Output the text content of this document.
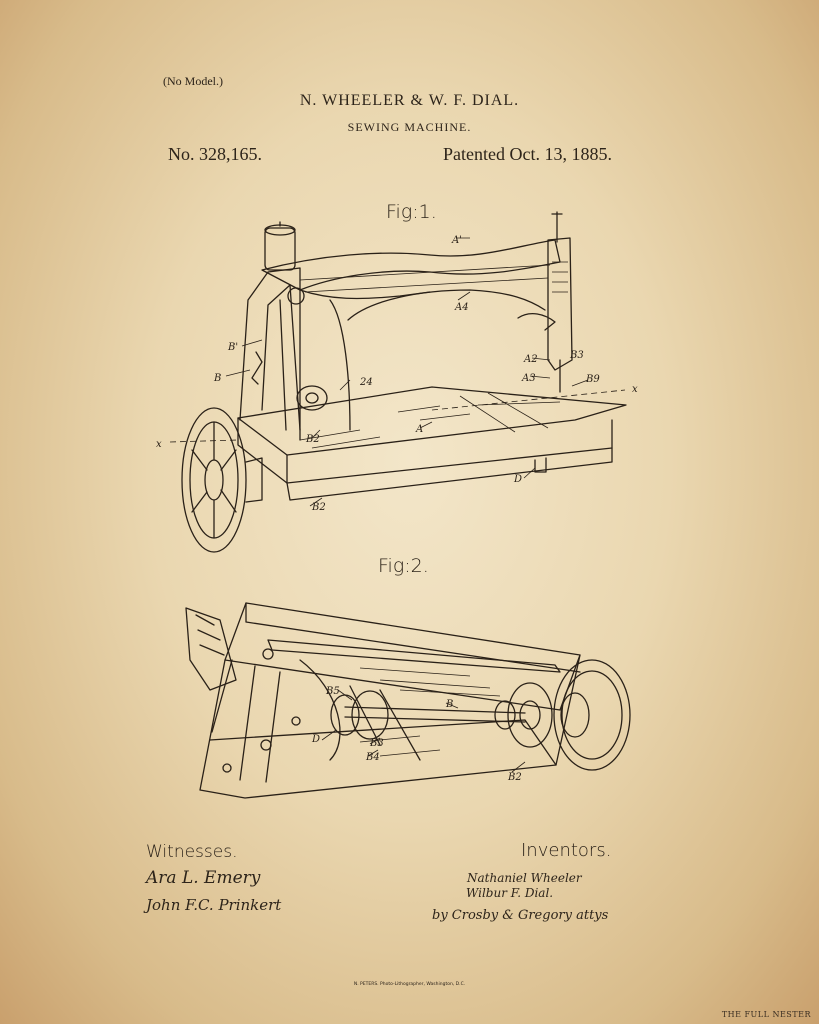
(No Model.)
N. WHEELER & W. F. DIAL.
SEWING MACHINE.
No. 328,165.	Patented Oct. 13, 1885.
Fig:1.
A'
A4
B'
B	24
A2	B3
A3	B9
x
x
A
B2
D
B2
Fig:2.
B5
B
D	B3
B4
B2
Witnesses.
Ara L. Emery
John F.C. Prinkert
Inventors.
Nathaniel Wheeler
Wilbur F. Dial.
by Crosby & Gregory attys
N. PETERS. Photo-Lithographer, Washington, D.C.
THE FULL NESTER
